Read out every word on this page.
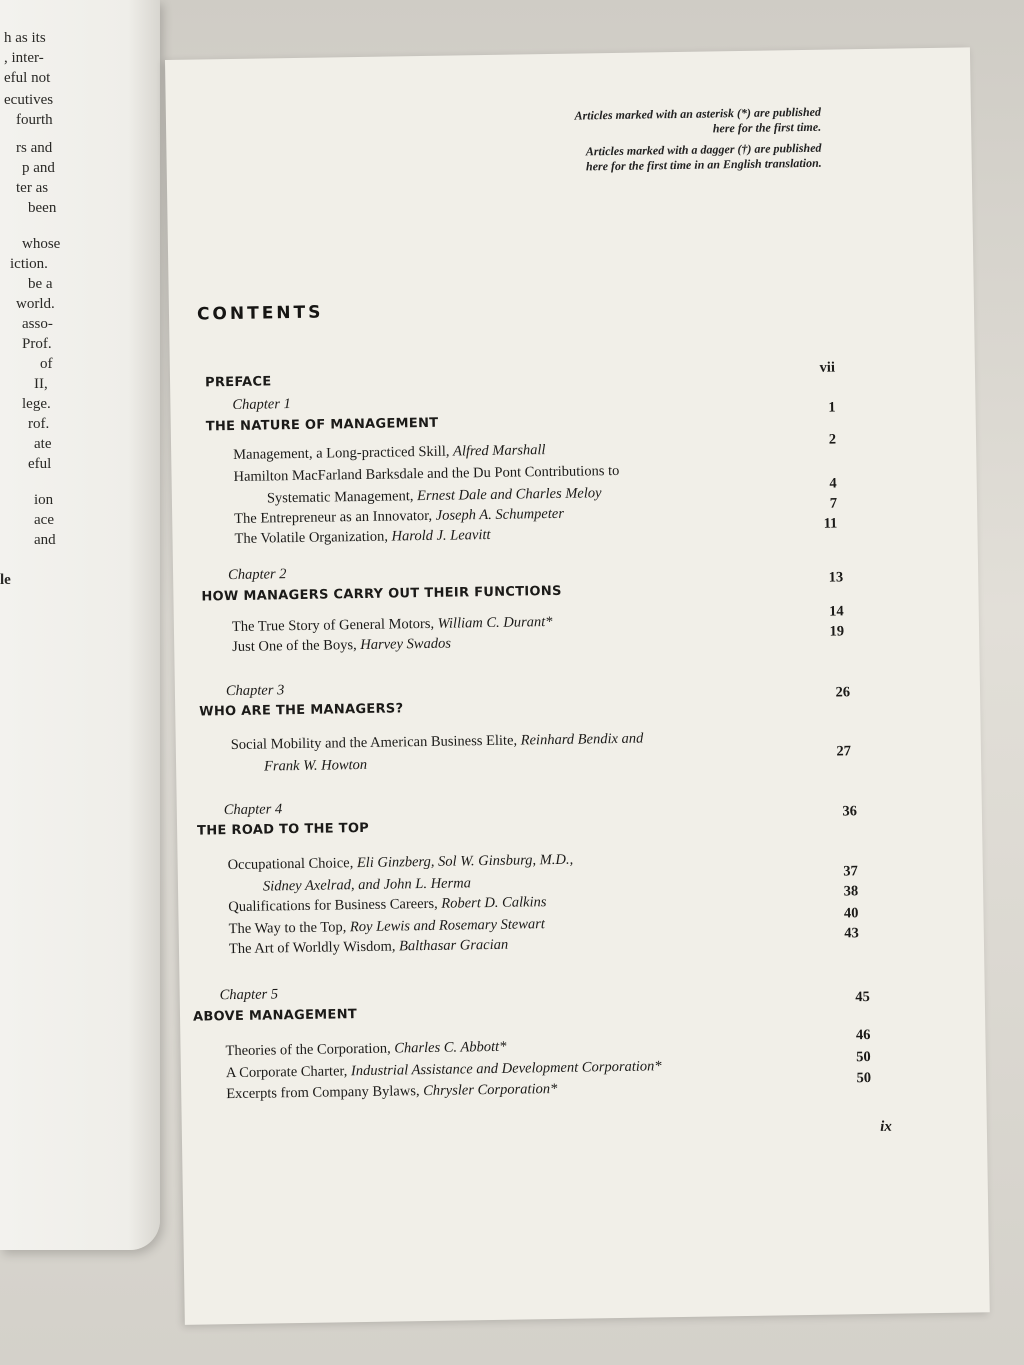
h as its
, inter-
eful not
ecutives
fourth
rs and
p and
ter as
been
whose
iction.
be a
world.
asso-
Prof.
of
II,
lege.
rof.
ate
eful
ion
ace
and
le

Articles marked with an asterisk (*) are published here for the first time.

Articles marked with a dagger (†) are published here for the first time in an English translation.

CONTENTS
PREFACE
vii
Chapter 1
THE NATURE OF MANAGEMENT
1
Management, a Long-practiced Skill, Alfred Marshall
2
Hamilton MacFarland Barksdale and the Du Pont Contributions to
Systematic Management, Ernest Dale and Charles Meloy
4
The Entrepreneur as an Innovator, Joseph A. Schumpeter
7
The Volatile Organization, Harold J. Leavitt
11
Chapter 2
HOW MANAGERS CARRY OUT THEIR FUNCTIONS
13
The True Story of General Motors, William C. Durant*
14
Just One of the Boys, Harvey Swados
19
Chapter 3
WHO ARE THE MANAGERS?
26
Social Mobility and the American Business Elite, Reinhard Bendix and
Frank W. Howton
27
Chapter 4
THE ROAD TO THE TOP
36
Occupational Choice, Eli Ginzberg, Sol W. Ginsburg, M.D.,
Sidney Axelrad, and John L. Herma
37
Qualifications for Business Careers, Robert D. Calkins
38
The Way to the Top, Roy Lewis and Rosemary Stewart
40
The Art of Worldly Wisdom, Balthasar Gracian
43
Chapter 5
ABOVE MANAGEMENT
45
Theories of the Corporation, Charles C. Abbott*
46
A Corporate Charter, Industrial Assistance and Development Corporation*
50
Excerpts from Company Bylaws, Chrysler Corporation*
50
ix
